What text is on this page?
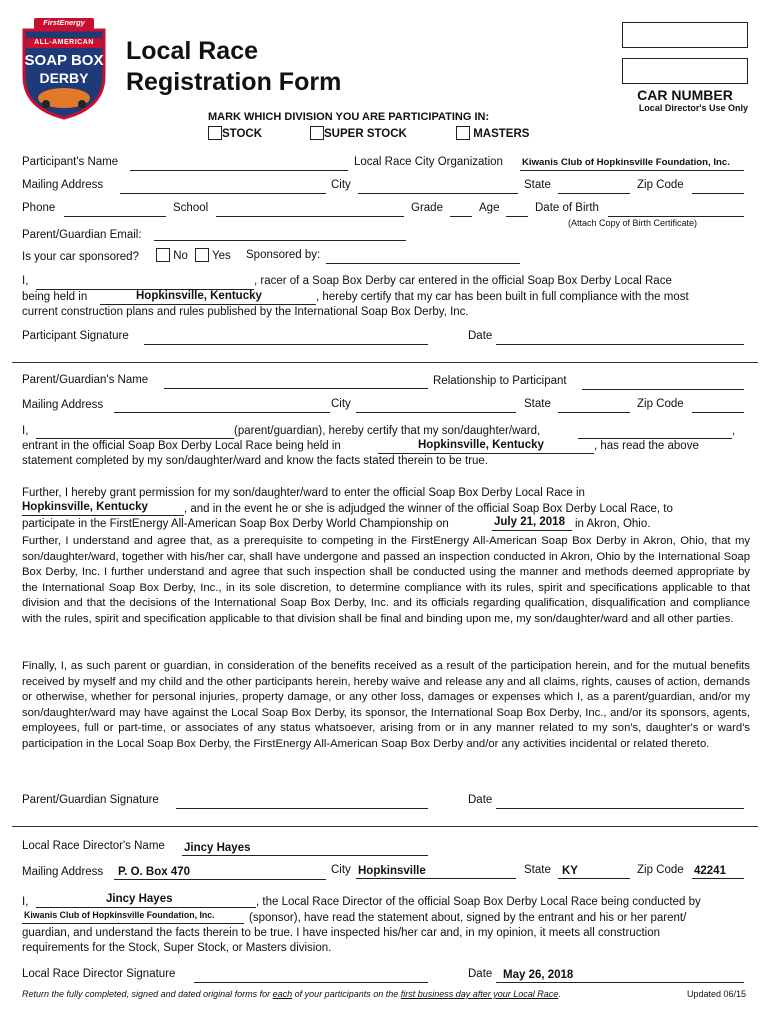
FirstEnergy
ALL-AMERICAN
SOAP BOX
DERBY
Local Race
Registration Form	CAR NUMBER
Local Director's Use Only
MARK WHICH DIVISION YOU ARE PARTICIPATING IN:
STOCK	SUPER STOCK	MASTERS
Participant's Name	Local Race City Organization Kiwanis Club of Hopkinsville Foundation, Inc.
Mailing Address	City	State	Zip Code
Phone	School	Grade	Age	Date of Birth
(Attach Copy of Birth Certificate)
Parent/Guardian Email:
Is your car sponsored?	No	Yes Sponsored by:
I,	, racer of a Soap Box Derby car entered in the official Soap Box Derby Local Race
being held in	Hopkinsville, Kentucky	, hereby certify that my car has been built in full compliance with the most
current construction plans and rules published by the International Soap Box Derby, Inc.
Participant Signature	Date
Parent/Guardian's Name	Relationship to Participant
Mailing Address	City	State	Zip Code
I,	(parent/guardian), hereby certify that my son/daughter/ward,	,
entrant in the official Soap Box Derby Local Race being held in	Hopkinsville, Kentucky	, has read the above
statement completed by my son/daughter/ward and know the facts stated therein to be true.
Further, I hereby grant permission for my son/daughter/ward to enter the official Soap Box Derby Local Race in
Hopkinsville, Kentucky	, and in the event he or she is adjudged the winner of the official Soap Box Derby Local Race, to
participate in the FirstEnergy All-American Soap Box Derby World Championship on	July 21, 2018 in Akron, Ohio.
Further, I understand and agree that, as a prerequisite to competing in the FirstEnergy All-American Soap Box Derby in Akron, Ohio, that my son/daughter/ward, together with his/her car, shall have undergone and passed an inspection conducted in Akron, Ohio by the International Soap Box Derby, Inc. I further understand and agree that such inspection shall be conducted using the manner and methods deemed appropriate by the International Soap Box Derby, Inc., in its sole discretion, to determine compliance with its rules, spirit and specifications applicable to that division and that the decisions of the International Soap Box Derby, Inc. and its officials regarding qualification, disqualification and compliance with the rules, spirit and specification applicable to that division shall be final and binding upon me, my son/daughter/ward and all other parties.
Finally, I, as such parent or guardian, in consideration of the benefits received as a result of the participation herein, and for the mutual benefits received by myself and my child and the other participants herein, hereby waive and release any and all claims, rights, causes of action, demands or otherwise, whether for personal injuries, property damage, or any other loss, damages or expenses which I, as a parent/guardian, and/or my son/daughter/ward may have against the Local Soap Box Derby, its sponsor, the International Soap Box Derby, Inc., and/or its sponsors, agents, employees, full or part-time, or associates of any status whatsoever, arising from or in any manner related to my son's, daughter's or ward's participation in the Local Soap Box Derby, the FirstEnergy All-American Soap Box Derby and/or any activities incidental or related thereto.
Parent/Guardian Signature	Date
Local Race Director's Name Jincy Hayes
Mailing Address P. O. Box 470	City Hopkinsville	State KY	Zip Code 42241
I,	Jincy Hayes	, the Local Race Director of the official Soap Box Derby Local Race being conducted by
Kiwanis Club of Hopkinsville Foundation, Inc.	(sponsor), have read the statement about, signed by the entrant and his or her parent/
guardian, and understand the facts therein to be true. I have inspected his/her car and, in my opinion, it meets all construction
requirements for the Stock, Super Stock, or Masters division.
Local Race Director Signature	Date May 26, 2018
Return the fully completed, signed and dated original forms for each of your participants on the first business day after your Local Race.	Updated 06/15
